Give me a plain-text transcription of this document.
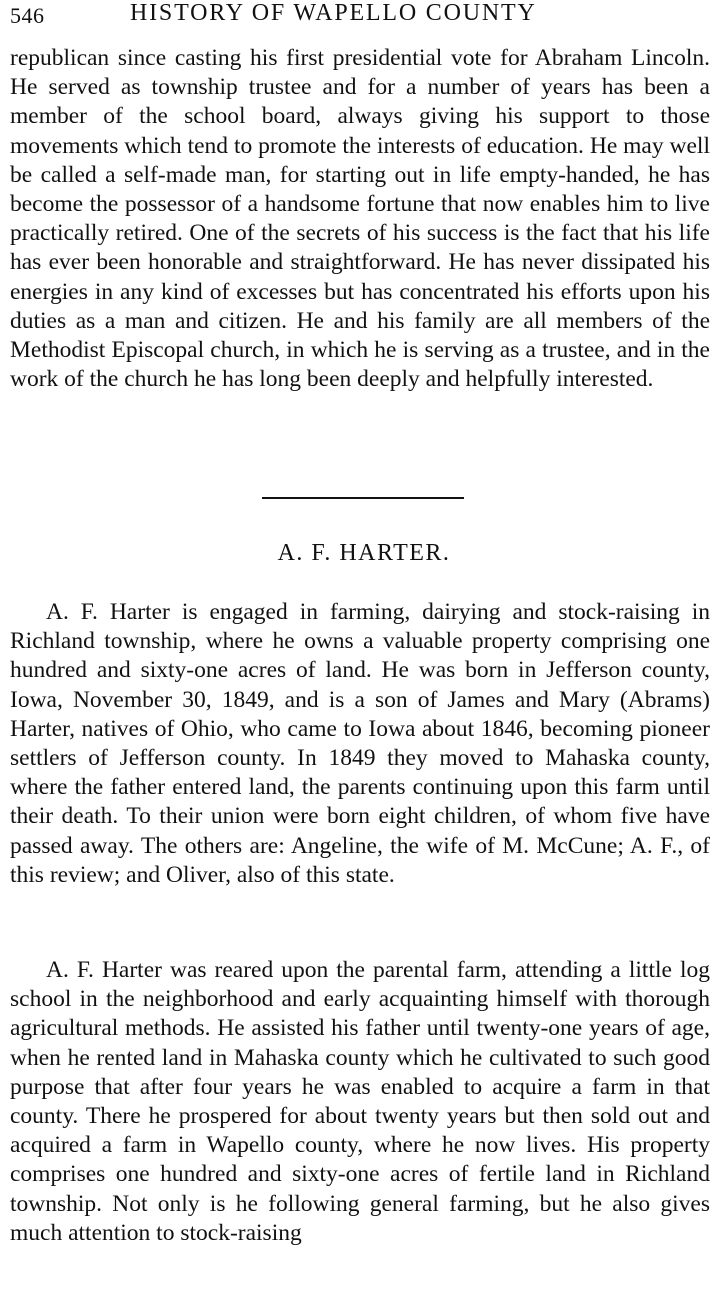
546	HISTORY OF WAPELLO COUNTY

republican since casting his first presidential vote for Abraham Lincoln. He served as township trustee and for a number of years has been a member of the school board, always giving his support to those movements which tend to promote the interests of education. He may well be called a self-made man, for starting out in life empty-handed, he has become the possessor of a handsome fortune that now enables him to live practically retired. One of the secrets of his success is the fact that his life has ever been honorable and straightforward. He has never dissipated his energies in any kind of excesses but has concentrated his efforts upon his duties as a man and citizen. He and his family are all members of the Methodist Episcopal church, in which he is serving as a trustee, and in the work of the church he has long been deeply and helpfully interested.

A. F. HARTER.

A. F. Harter is engaged in farming, dairying and stock-raising in Richland township, where he owns a valuable property comprising one hundred and sixty-one acres of land. He was born in Jefferson county, Iowa, November 30, 1849, and is a son of James and Mary (Abrams) Harter, natives of Ohio, who came to Iowa about 1846, becoming pioneer settlers of Jefferson county. In 1849 they moved to Mahaska county, where the father entered land, the parents continuing upon this farm until their death. To their union were born eight children, of whom five have passed away. The others are: Angeline, the wife of M. McCune; A. F., of this review; and Oliver, also of this state.

A. F. Harter was reared upon the parental farm, attending a little log school in the neighborhood and early acquainting himself with thorough agricultural methods. He assisted his father until twenty-one years of age, when he rented land in Mahaska county which he cultivated to such good purpose that after four years he was enabled to acquire a farm in that county. There he prospered for about twenty years but then sold out and acquired a farm in Wapello county, where he now lives. His property comprises one hundred and sixty-one acres of fertile land in Richland township. Not only is he following general farming, but he also gives much attention to stock-raising
